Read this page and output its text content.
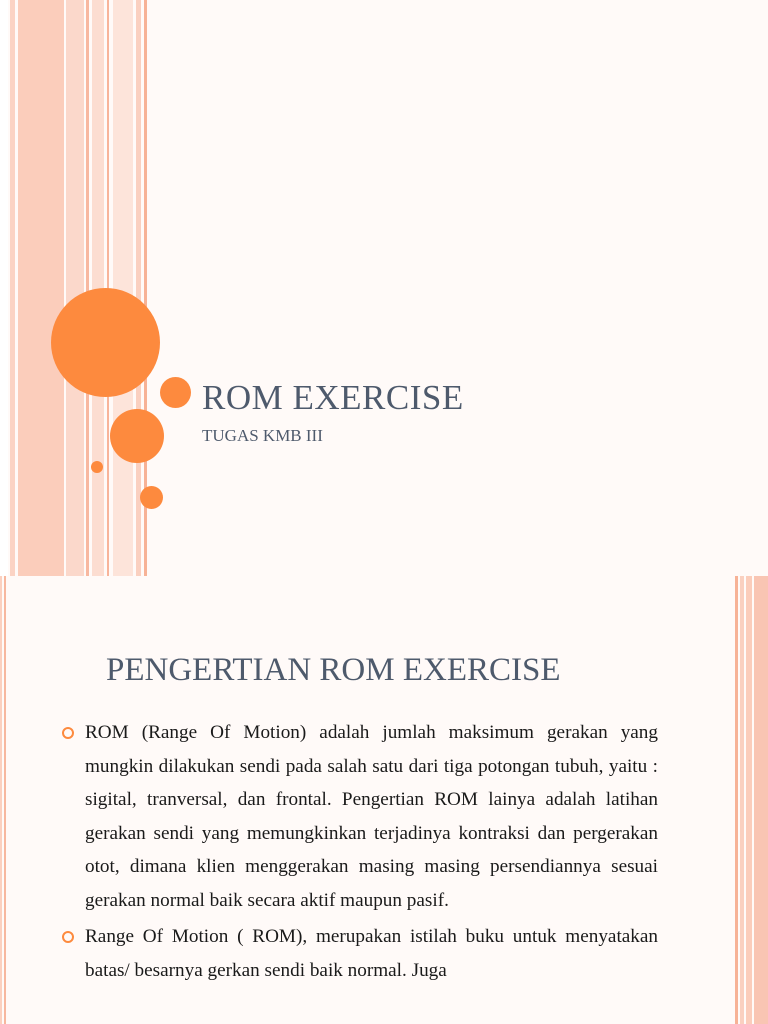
ROM EXERCISE
TUGAS KMB III
PENGERTIAN ROM EXERCISE
ROM (Range Of Motion) adalah jumlah maksimum gerakan yang mungkin dilakukan sendi pada salah satu dari tiga potongan tubuh, yaitu : sigital, tranversal, dan frontal. Pengertian ROM lainya adalah latihan gerakan sendi yang memungkinkan terjadinya kontraksi dan pergerakan otot, dimana klien menggerakan masing masing persendiannya sesuai gerakan normal baik secara aktif maupun pasif.
Range Of Motion ( ROM), merupakan istilah buku untuk menyatakan batas/ besarnya gerkan sendi baik normal. Juga
